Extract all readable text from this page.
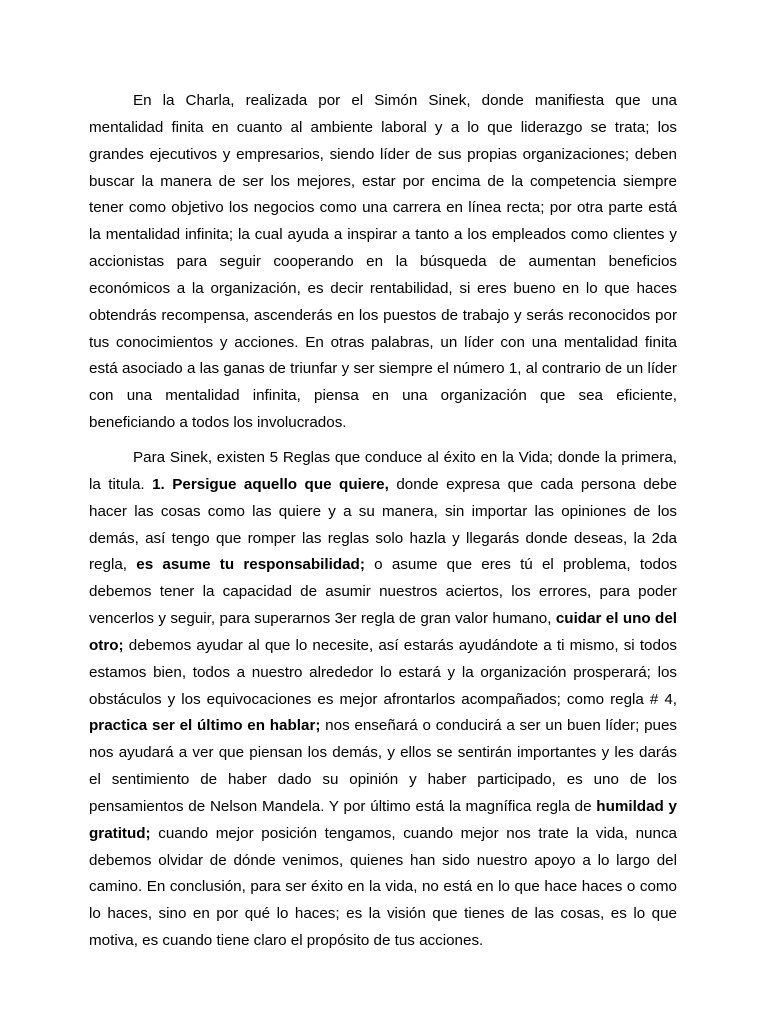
En la Charla, realizada por el Simón Sinek, donde manifiesta que una mentalidad finita en cuanto al ambiente laboral y a lo que liderazgo se trata; los grandes ejecutivos y empresarios, siendo líder de sus propias organizaciones; deben buscar la manera de ser los mejores, estar por encima de la competencia siempre tener como objetivo los negocios como una carrera en línea recta; por otra parte está la mentalidad infinita; la cual ayuda a inspirar a tanto a los empleados como clientes y accionistas para seguir cooperando en la búsqueda de aumentan beneficios económicos a la organización, es decir rentabilidad, si eres bueno en lo que haces obtendrás recompensa, ascenderás en los puestos de trabajo y serás reconocidos por tus conocimientos y acciones. En otras palabras, un líder con una mentalidad finita está asociado a las ganas de triunfar y ser siempre el número 1, al contrario de un líder con una mentalidad infinita, piensa en una organización que sea eficiente, beneficiando a todos los involucrados.

Para Sinek, existen 5 Reglas que conduce al éxito en la Vida; donde la primera, la titula. 1. Persigue aquello que quiere, donde expresa que cada persona debe hacer las cosas como las quiere y a su manera, sin importar las opiniones de los demás, así tengo que romper las reglas solo hazla y llegarás donde deseas, la 2da regla, es asume tu responsabilidad; o asume que eres tú el problema, todos debemos tener la capacidad de asumir nuestros aciertos, los errores, para poder vencerlos y seguir, para superarnos 3er regla de gran valor humano, cuidar el uno del otro; debemos ayudar al que lo necesite, así estarás ayudándote a ti mismo, si todos estamos bien, todos a nuestro alrededor lo estará y la organización prosperará; los obstáculos y los equivocaciones es mejor afrontarlos acompañados; como regla # 4, practica ser el último en hablar; nos enseñará o conducirá a ser un buen líder; pues nos ayudará a ver que piensan los demás, y ellos se sentirán importantes y les darás el sentimiento de haber dado su opinión y haber participado, es uno de los pensamientos de Nelson Mandela. Y por último está la magnífica regla de humildad y gratitud; cuando mejor posición tengamos, cuando mejor nos trate la vida, nunca debemos olvidar de dónde venimos, quienes han sido nuestro apoyo a lo largo del camino. En conclusión, para ser éxito en la vida, no está en lo que hace haces o como lo haces, sino en por qué lo haces; es la visión que tienes de las cosas, es lo que motiva, es cuando tiene claro el propósito de tus acciones.
